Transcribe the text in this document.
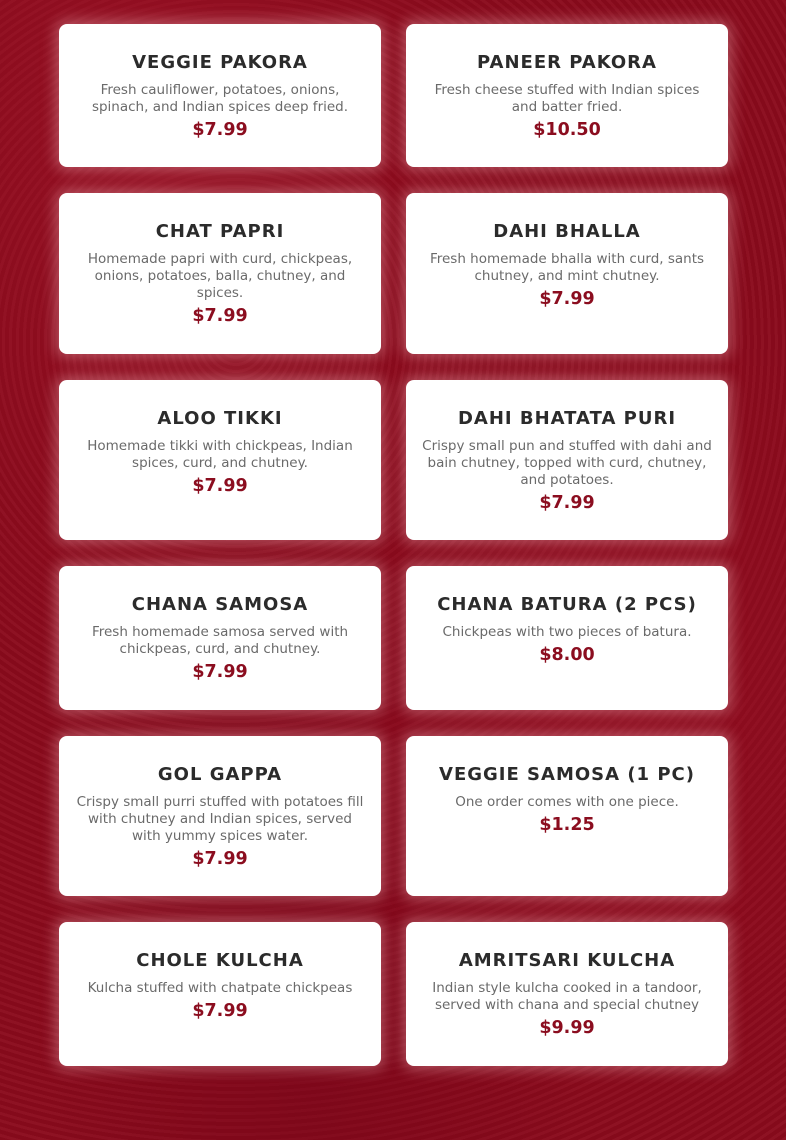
VEGGIE PAKORA

Fresh cauliflower, potatoes, onions, spinach, and Indian spices deep fried.

$7.99

PANEER PAKORA

Fresh cheese stuffed with Indian spices and batter fried.

$10.50

CHAT PAPRI

Homemade papri with curd, chickpeas, onions, potatoes, balla, chutney, and spices.

$7.99

DAHI BHALLA

Fresh homemade bhalla with curd, sants chutney, and mint chutney.

$7.99

ALOO TIKKI

Homemade tikki with chickpeas, Indian spices, curd, and chutney.

$7.99

DAHI BHATATA PURI

Crispy small pun and stuffed with dahi and bain chutney, topped with curd, chutney, and potatoes.

$7.99

CHANA SAMOSA

Fresh homemade samosa served with chickpeas, curd, and chutney.

$7.99

CHANA BATURA (2 PCS)

Chickpeas with two pieces of batura.

$8.00

GOL GAPPA

Crispy small purri stuffed with potatoes fill with chutney and Indian spices, served with yummy spices water.

$7.99

VEGGIE SAMOSA (1 PC)

One order comes with one piece.

$1.25

CHOLE KULCHA

Kulcha stuffed with chatpate chickpeas

$7.99

AMRITSARI KULCHA

Indian style kulcha cooked in a tandoor, served with chana and special chutney

$9.99
